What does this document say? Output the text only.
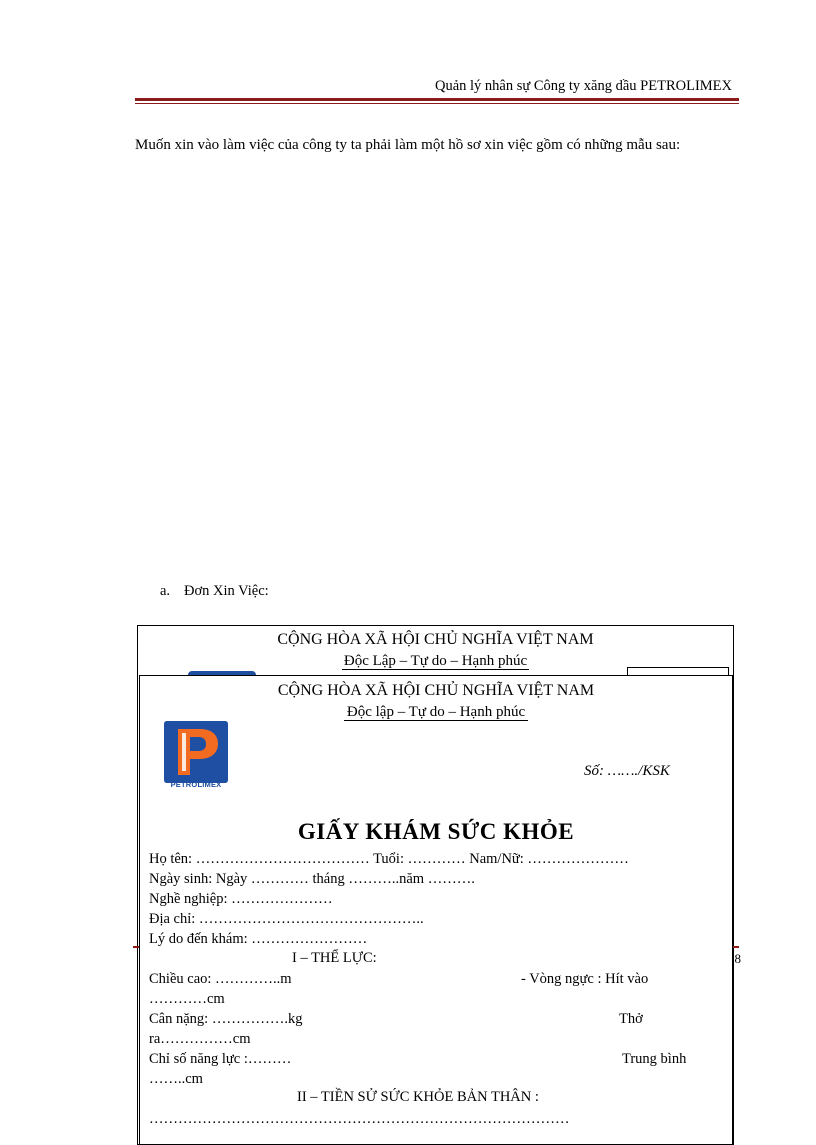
Quản lý nhân sự Công ty xăng dầu PETROLIMEX
Muốn xin vào làm việc của công ty ta phải làm một hồ sơ xin việc gồm có những mẫu sau:
a. Đơn Xin Việc:
CỘNG HÒA XÃ HỘI CHỦ NGHĨA VIỆT NAM
Độc Lập – Tự do – Hạnh phúc
8
CỘNG HÒA XÃ HỘI CHỦ NGHĨA VIỆT NAM
Độc lập – Tự do – Hạnh phúc
PETROLIMEX
Số: ……./KSK
GIẤY KHÁM SỨC KHỎE
Họ tên: ……………………………… Tuổi: ………… Nam/Nữ: …………………
Ngày sinh: Ngày ………… tháng ………..năm ……….
Nghề nghiệp: …………………
Địa chỉ: ………………………………………..
Lý do đến khám: ……………………
I – THỂ LỰC:
Chiều cao: …………..m	- Vòng ngực : Hít vào
…………cm
Cân nặng: …………….kg	Thở
ra……………cm
Chỉ số năng lực :………	Trung bình
……..cm
II – TIỀN SỬ SỨC KHỎE BẢN THÂN :
……………………………………………………………………………
